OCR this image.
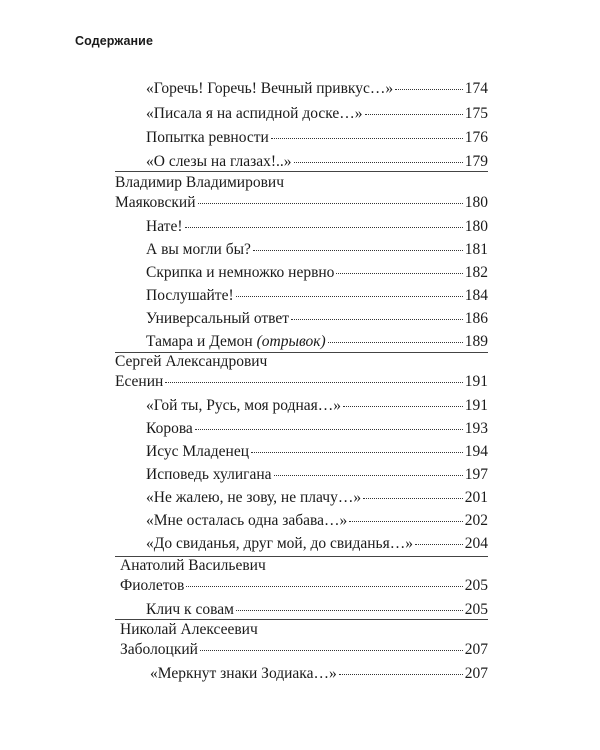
Содержание
«Горечь! Горечь! Вечный привкус…»	174
«Писала я на аспидной доске…»	175
Попытка ревности	176
«О слезы на глазах!..»	179
Владимир Владимирович
Маяковский	180
Нате!	180
А вы могли бы?	181
Скрипка и немножко нервно	182
Послушайте!	184
Универсальный ответ	186
Тамара и Демон (отрывок)	189
Сергей Александрович
Есенин	191
«Гой ты, Русь, моя родная…»	191
Корова	193
Исус Младенец	194
Исповедь хулигана	197
«Не жалею, не зову, не плачу…»	201
«Мне осталась одна забава…»	202
«До свиданья, друг мой, до свиданья…»	204
Анатолий Васильевич
Фиолетов	205
Клич к совам	205
Николай Алексеевич
Заболоцкий	207
«Меркнут знаки Зодиака…»	207
